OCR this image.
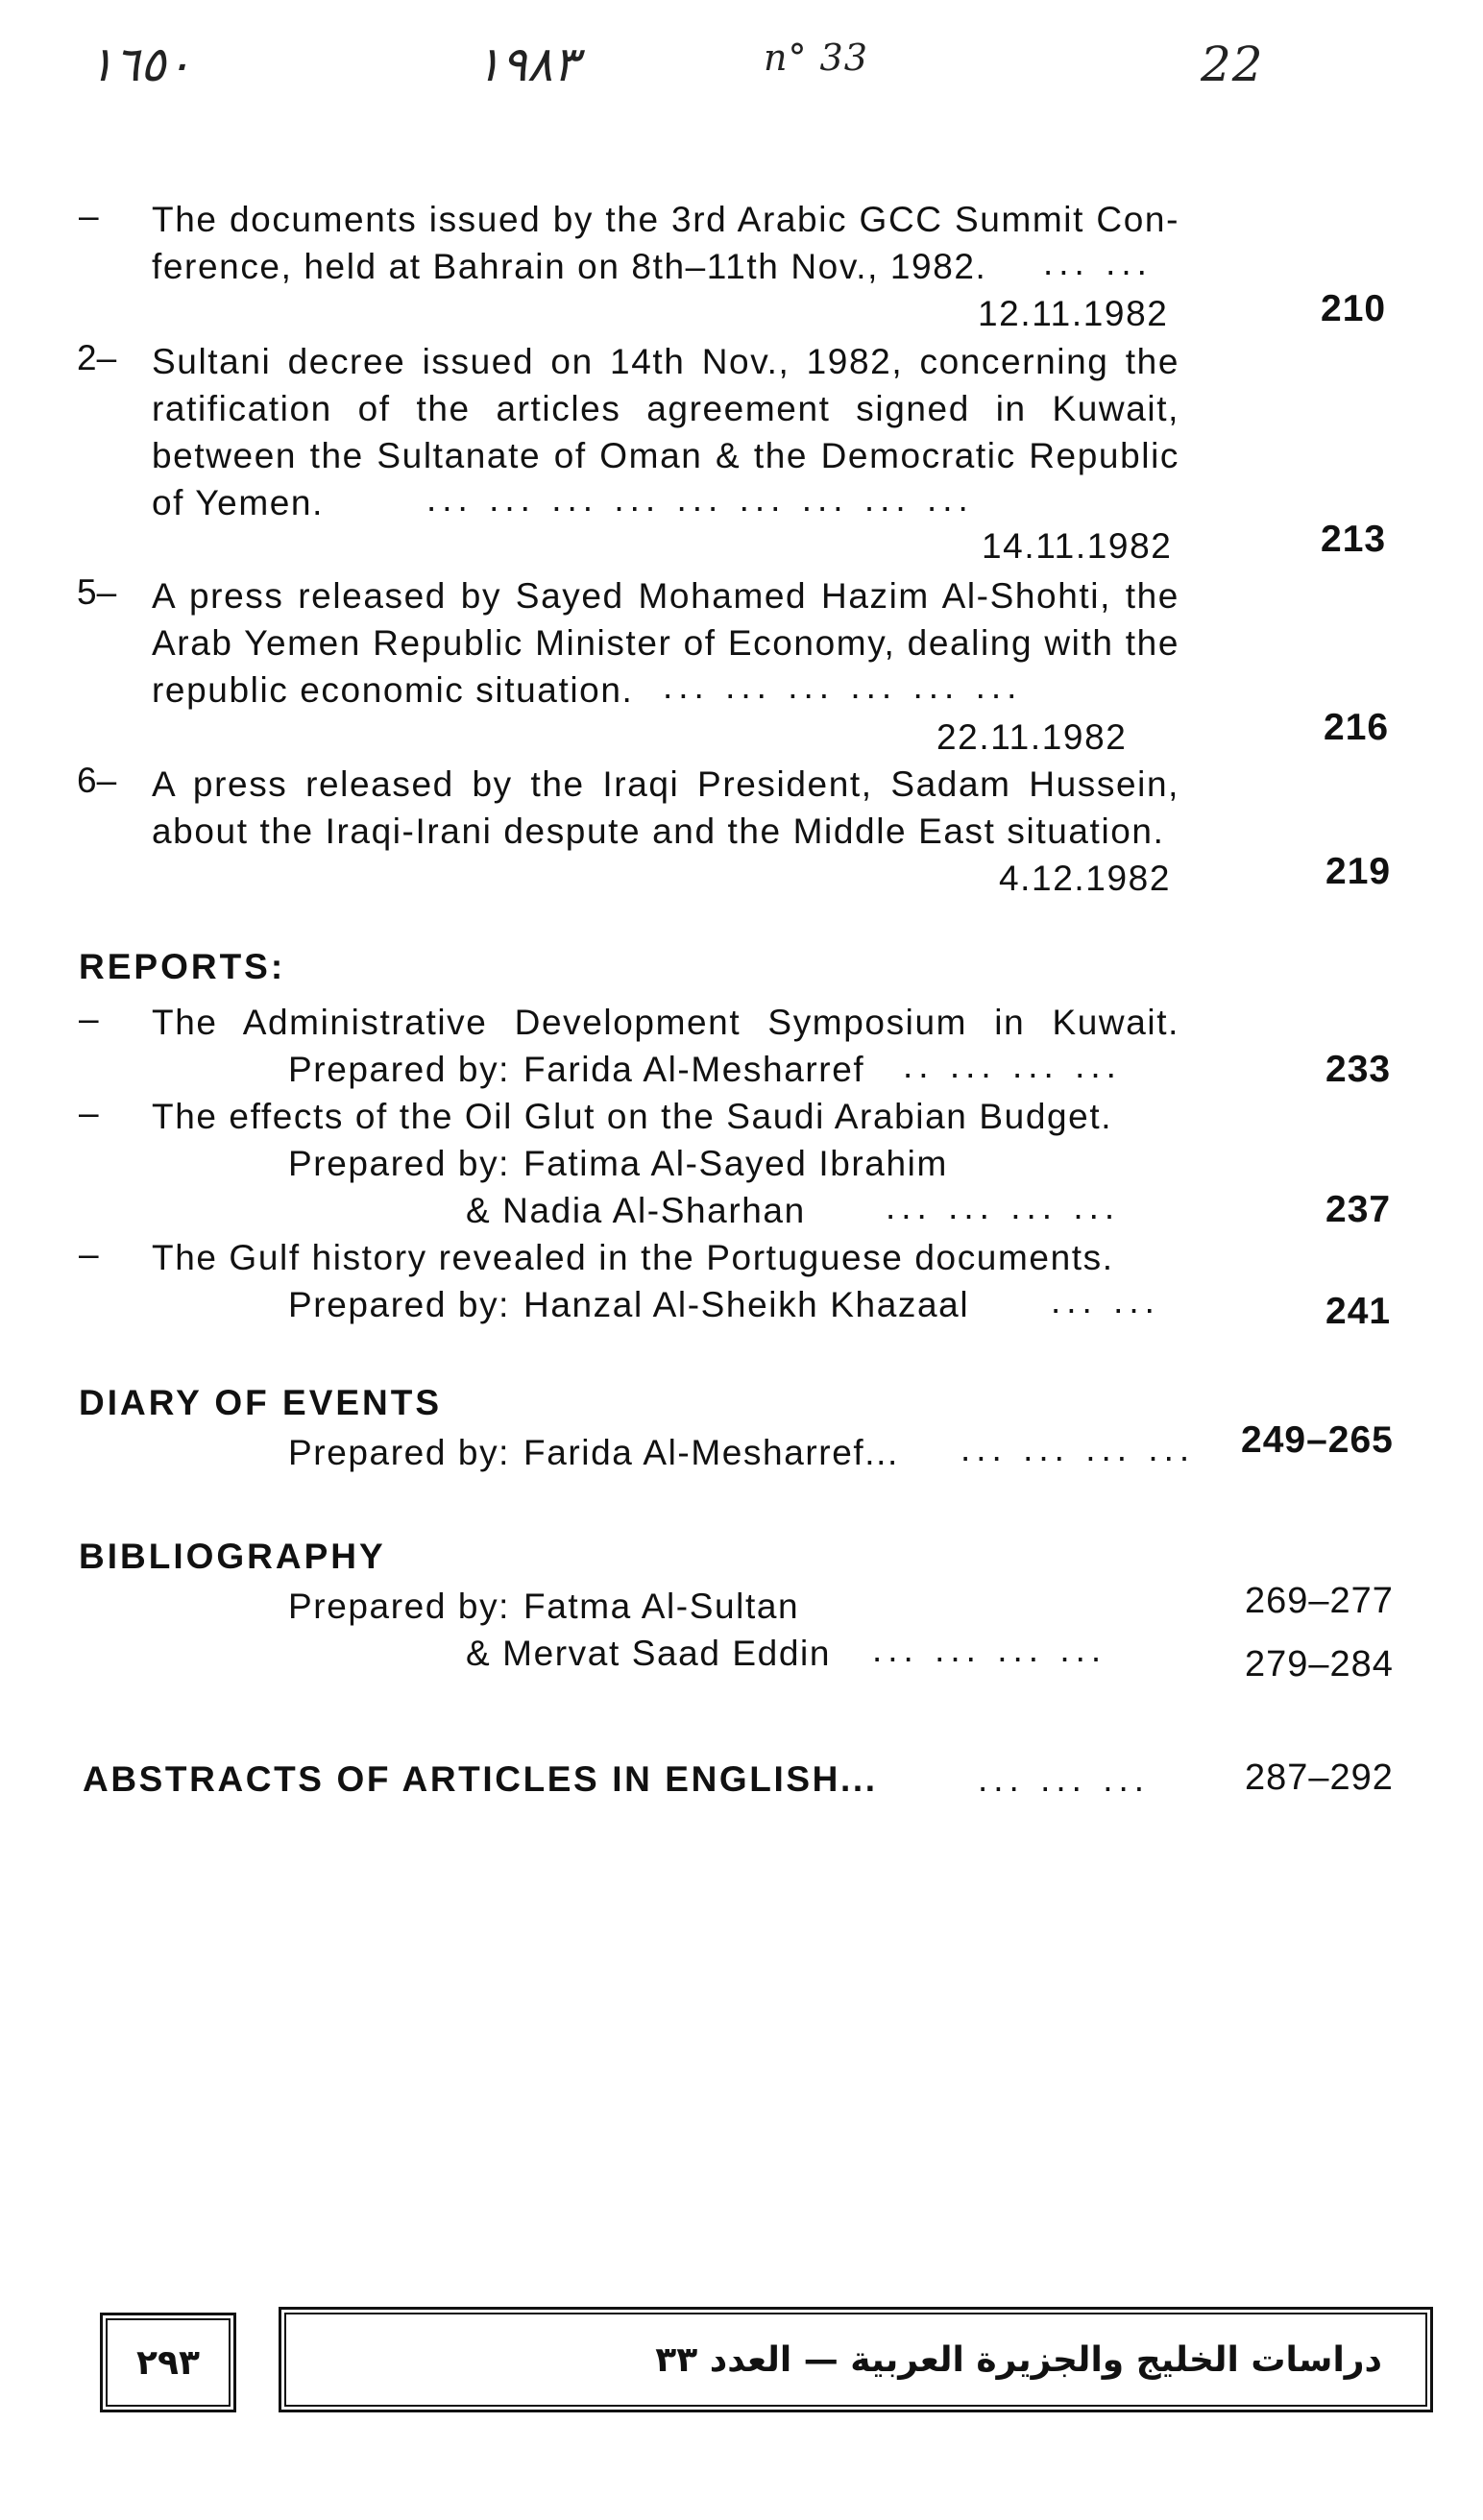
١٦٥٠	١٩٨٣	n° 33	22
– The documents issued by the 3rd Arabic GCC Summit Con-
ference, held at Bahrain on 8th–11th Nov., 1982. ... ...
12.11.1982	210
2– Sultani decree issued on 14th Nov., 1982, concerning the
ratification of the articles agreement signed in Kuwait,
between the Sultanate of Oman & the Democratic Republic
of Yemen.	... ... ... ... ... ... ... ... ...
14.11.1982	213
5– A press released by Sayed Mohamed Hazim Al-Shohti, the
Arab Yemen Republic Minister of Economy, dealing with the
republic economic situation. ... ... ... ... ... ...
22.11.1982	216
6– A press released by the Iraqi President, Sadam Hussein,
about the Iraqi-Irani despute and the Middle East situation.
4.12.1982	219
REPORTS:
– The Administrative Development Symposium in Kuwait.
Prepared by: Farida Al-Mesharref .. ... ... ...	233
– The effects of the Oil Glut on the Saudi Arabian Budget.
Prepared by: Fatima Al-Sayed Ibrahim
& Nadia Al-Sharhan ... ... ... ...	237
– The Gulf history revealed in the Portuguese documents.
Prepared by: Hanzal Al-Sheikh Khazaal ... ...	241
DIARY OF EVENTS
Prepared by: Farida Al-Mesharref... ... ... ... ... 249–265
BIBLIOGRAPHY
Prepared by: Fatma Al-Sultan	269–277
& Mervat Saad Eddin ... ... ... ...	279–284
ABSTRACTS OF ARTICLES IN ENGLISH...	... ... ...	287–292
٢٩٣	دراسات الخليج والجزيرة العربية — العدد ٣٣
